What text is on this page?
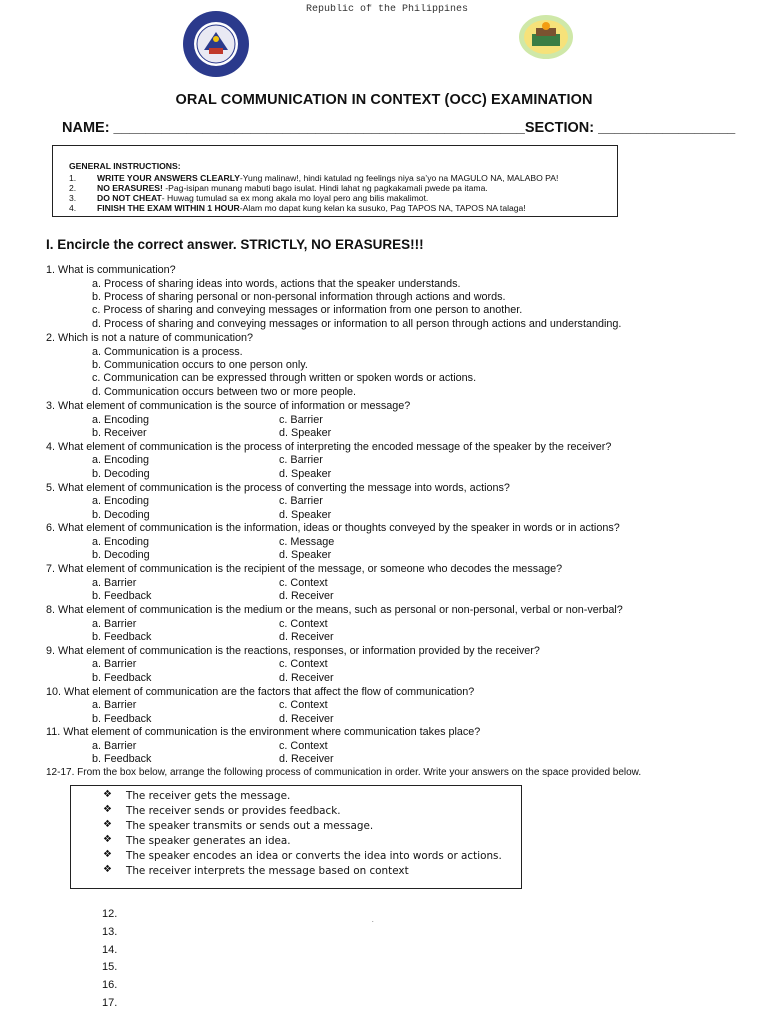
Republic of the Philippines
ORAL COMMUNICATION IN CONTEXT (OCC) EXAMINATION
NAME: ___________________________________________________SECTION: _________________
GENERAL INSTRUCTIONS:
1. WRITE YOUR ANSWERS CLEARLY-Yung malinaw!, hindi katulad ng feelings niya sa’yo na MAGULO NA, MALABO PA!
2. NO ERASURES! -Pag-isipan munang mabuti bago isulat. Hindi lahat ng pagkakamali pwede pa itama.
3. DO NOT CHEAT- Huwag tumulad sa ex mong akala mo loyal pero ang bilis makalimot.
4. FINISH THE EXAM WITHIN 1 HOUR-Alam mo dapat kung kelan ka susuko, Pag TAPOS NA, TAPOS NA talaga!
I. Encircle the correct answer. STRICTLY, NO ERASURES!!!
1. What is communication?
a. Process of sharing ideas into words, actions that the speaker understands.
b. Process of sharing personal or non-personal information through actions and words.
c. Process of sharing and conveying messages or information from one person to another.
d. Process of sharing and conveying messages or information to all person through actions and understanding.
2. Which is not a nature of communication?
a. Communication is a process.
b. Communication occurs to one person only.
c. Communication can be expressed through written or spoken words or actions.
d. Communication occurs between two or more people.
3. What element of communication is the source of information or message?
a. Encoding	c. Barrier
b. Receiver	d. Speaker
4. What element of communication is the process of interpreting the encoded message of the speaker by the receiver?
a. Encoding	c. Barrier
b. Decoding	d. Speaker
5. What element of communication is the process of converting the message into words, actions?
a. Encoding	c. Barrier
b. Decoding	d. Speaker
6. What element of communication is the information, ideas or thoughts conveyed by the speaker in words or in actions?
a. Encoding	c. Message
b. Decoding	d. Speaker
7. What element of communication is the recipient of the message, or someone who decodes the message?
a. Barrier	c. Context
b. Feedback	d. Receiver
8. What element of communication is the medium or the means, such as personal or non-personal, verbal or non-verbal?
a. Barrier	c. Context
b. Feedback	d. Receiver
9. What element of communication is the reactions, responses, or information provided by the receiver?
a. Barrier	c. Context
b. Feedback	d. Receiver
10. What element of communication are the factors that affect the flow of communication?
a. Barrier	c. Context
b. Feedback	d. Receiver
11. What element of communication is the environment where communication takes place?
a. Barrier	c. Context
b. Feedback	d. Receiver
12-17. From the box below, arrange the following process of communication in order. Write your answers on the space provided below.
❖ The receiver gets the message.
❖ The receiver sends or provides feedback.
❖ The speaker transmits or sends out a message.
❖ The speaker generates an idea.
❖ The speaker encodes an idea or converts the idea into words or actions.
❖ The receiver interprets the message based on context
12.
13.
14.
15.
16.
17.
.
